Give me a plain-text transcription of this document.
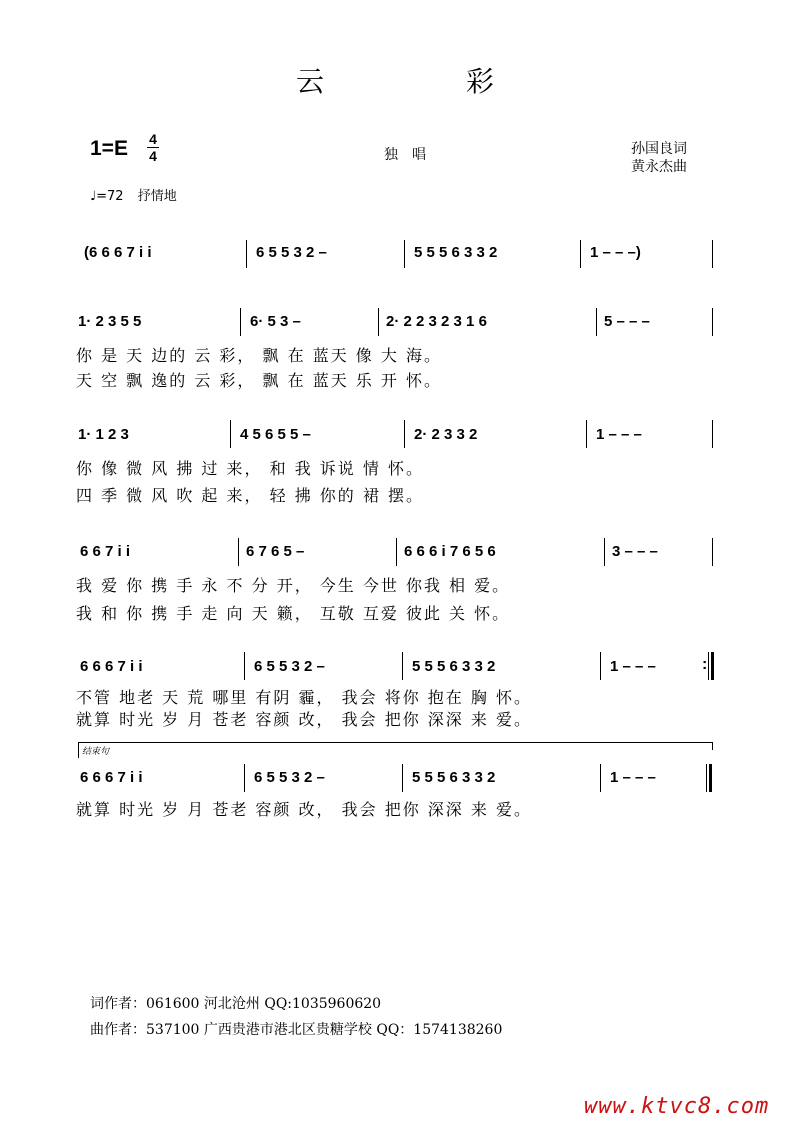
云	彩
1=E 4
4	独唱	孙国良词
黄永杰曲
♩=72 抒情地
(6 6 6 7 i i	6 5 5 3 2 –	5 5 5 6 3 3 2	1 – – –)
1· 2 3 5 5	6· 5 3 –	2· 2 2 3 2 3 1 6	5 – – –
你 是 天 边的 云 彩， 飘 在 蓝天 像 大 海。
天 空 飘 逸的 云 彩， 飘 在 蓝天 乐 开 怀。
1· 1 2 3	4 5 6 5 5 –	2· 2 3 3 2	1 – – –
你 像 微 风 拂 过 来， 和 我 诉说 情 怀。
四 季 微 风 吹 起 来， 轻 拂 你的 裙 摆。
6 6 7 i i	6 7 6 5 –	6 6 6 i 7 6 5 6	3 – – –
我 爱 你 携 手 永 不 分 开， 今生 今世 你我 相 爱。
我 和 你 携 手 走 向 天 籁， 互敬 互爱 彼此 关 怀。
6 6 6 7 i i	6 5 5 3 2 –	5 5 5 6 3 3 2	1 – – –	:
不管 地老 天 荒 哪里 有阴 霾， 我会 将你 抱在 胸 怀。
就算 时光 岁 月 苍老 容颜 改， 我会 把你 深深 来 爱。
结束句
6 6 6 7 i i	6 5 5 3 2 –	5 5 5 6 3 3 2	1 – – –
就算 时光 岁 月 苍老 容颜 改， 我会 把你 深深 来 爱。
词作者：061600 河北沧州 QQ:1035960620
曲作者：537100 广西贵港市港北区贵糖学校 QQ：1574138260
www.ktvc8.com
